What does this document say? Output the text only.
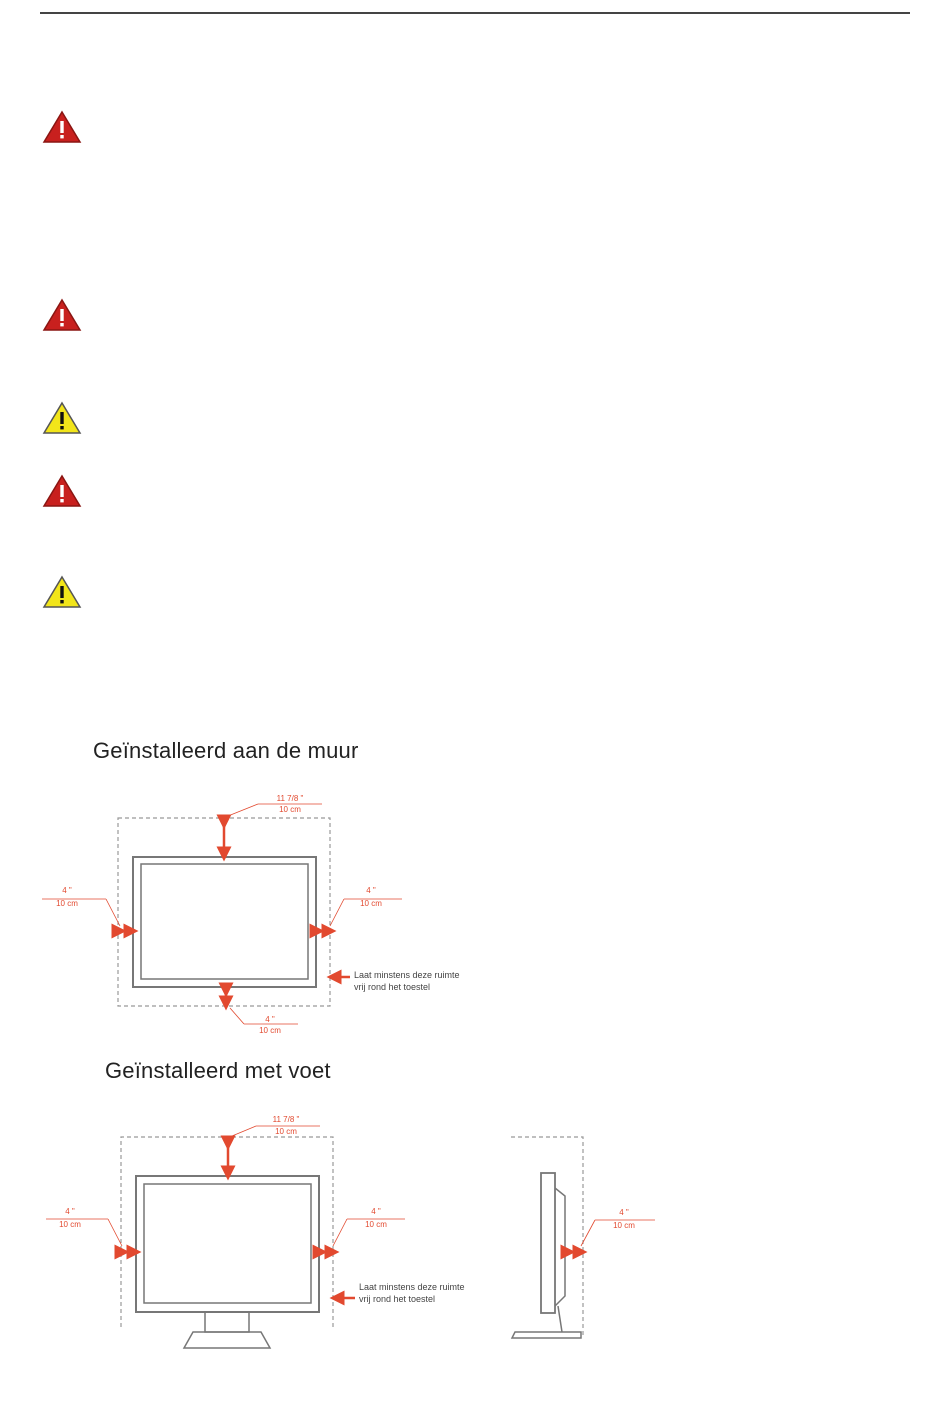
Geïnstalleerd aan de muur
Geïnstalleerd met voet
11 7/8 "
10 cm
4 "
10 cm
4 "
10 cm
4 "
10 cm
Laat minstens deze ruimte
vrij rond het toestel
11 7/8 "
10 cm
4 "
10 cm
4 "
10 cm
Laat minstens deze ruimte
vrij rond het toestel
4 "
10 cm
